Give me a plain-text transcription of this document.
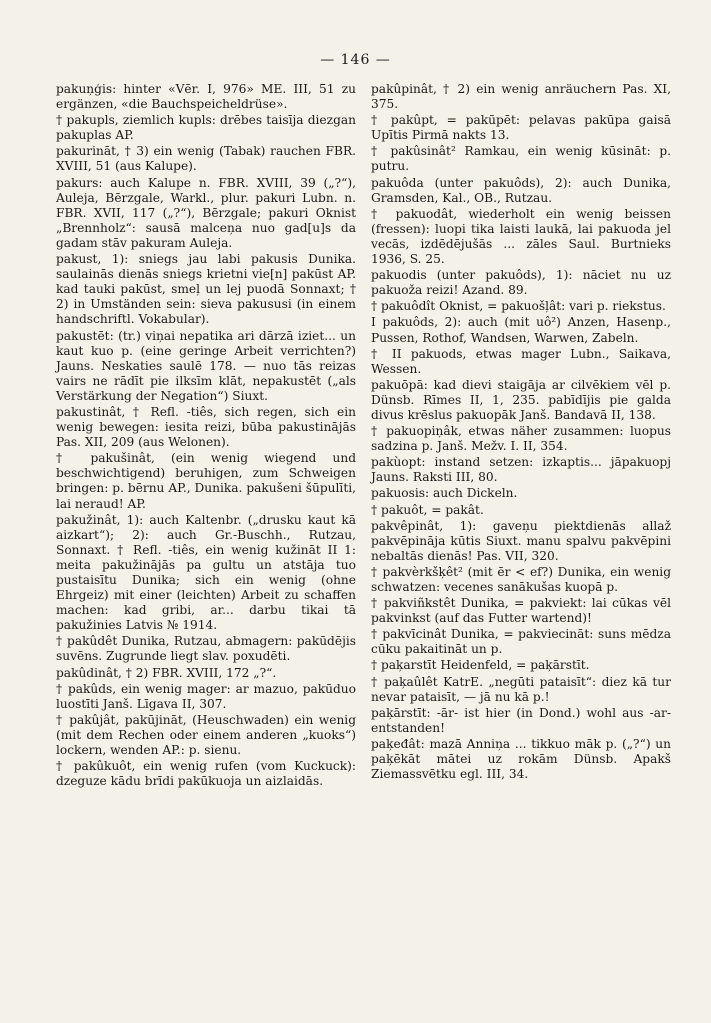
— 146 —

pakuņģis: hinter «Vēr. I, 976» ME. III, 51 zu ergänzen, «die Bauchspeicheldrüse».

† pakupls, ziemlich kupls: drēbes taisīja diezgan pakuplas AP.

pakurināt, † 3) ein wenig (Tabak) rauchen FBR. XVIII, 51 (aus Kalupe).

pakurs: auch Kalupe n. FBR. XVIII, 39 („?“), Auleja, Bērzgale, Warkl., plur. pakuri Lubn. n. FBR. XVII, 117 („?“), Bērzgale; pakuri Oknist „Brennholz“: sausā malceņa nuo gad[u]s da gadam stāv pakuram Auleja.

pakust, 1): sniegs jau labi pakusis Dunika. saulainās dienās sniegs krietni vie[n] pakūst AP. kad tauki pakūst, smeļ un lej puodā Sonnaxt; † 2) in Umständen sein: sieva pakususi (in einem handschriftl. Vokabular).

pakustēt: (tr.) viņai nepatika ari dārzā iziet... un kaut kuo p. (eine geringe Arbeit verrichten?) Jauns. Neskaties saulē 178. — nuo tās reizas vairs ne rādīt pie ilksīm klāt, nepakustēt („als Verstärkung der Negation“) Siuxt.

pakustinât, † Refl. -tiês, sich regen, sich ein wenig bewegen: iesita reizi, būba pakustinājās Pas. XII, 209 (aus Welonen).

† pakušinât, (ein wenig wiegend und beschwichtigend) beruhigen, zum Schweigen bringen: p. bērnu AP., Dunika. pakušeni šūpulīti, lai neraud! AP.

pakužinât, 1): auch Kaltenbr. („drusku kaut kā aizkart“); 2): auch Gr.-Buschh., Rutzau, Sonnaxt. † Refl. -tiês, ein wenig kužināt II 1: meita pakužinājās pa gultu un atstāja tuo pustaisītu Dunika; sich ein wenig (ohne Ehrgeiz) mit einer (leichten) Arbeit zu schaffen machen: kad gribi, ar... darbu tikai tā pakužinies Latvis № 1914.

† pakûdêt Dunika, Rutzau, abmagern: pakūdējis suvēns. Zugrunde liegt slav. poxudēti.

pakûdinât, † 2) FBR. XVIII, 172 „?“.

† pakûds, ein wenig mager: ar mazuo, pakūduo luostīti Janš. Līgava II, 307.

† pakûjât, pakūjināt, (Heuschwaden) ein wenig (mit dem Rechen oder einem anderen „kuoks“) lockern, wenden AP.: p. sienu.

† pakûkuôt, ein wenig rufen (vom Kuckuck): dzeguze kādu brīdi pakūkuoja un aizlaidās.

pakûpinât, † 2) ein wenig anräuchern Pas. XI, 375.

† pakûpt, = pakūpēt: pelavas pakūpa gaisā Upītis Pirmā nakts 13.

† pakûsinât² Ramkau, ein wenig kūsināt: p. putru.

pakuôda (unter pakuôds), 2): auch Dunika, Gramsden, Kal., OB., Rutzau.

† pakuodât, wiederholt ein wenig beissen (fressen): luopi tika laisti laukā, lai pakuoda jel vecās, izdēdējušās ... zāles Saul. Burtnieks 1936, S. 25.

pakuodis (unter pakuôds), 1): nāciet nu uz pakuoža reizi! Azand. 89.

† pakuôdît Oknist, = pakuošļât: vari p. riekstus.

I pakuôds, 2): auch (mit uô²) Anzen, Hasenp., Pussen, Rothof, Wandsen, Warwen, Zabeln.

† II pakuods, etwas mager Lubn., Saikava, Wessen.

pakuōpā: kad dievi staigāja ar cilvēkiem vēl p. Dünsb. Rīmes II, 1, 235. pabīdījis pie galda divus krēslus pakuopāk Janš. Bandavā II, 138.

† pakuopiņâk, etwas näher zusammen: luopus sadzina p. Janš. Mežv. I. II, 354.

pakùopt: instand setzen: izkaptis... jāpakuopj Jauns. Raksti III, 80.

pakuosis: auch Dickeln.

† pakuôt, = pakât.

pakvêpinât, 1): gaveņu piektdienās allaž pakvēpināja kūtis Siuxt. manu spalvu pakvēpini nebaltās dienās! Pas. VII, 320.

† pakvèrkšķêt² (mit ēr < ef?) Dunika, ein wenig schwatzen: vecenes sanākušas kuopā p.

† pakviñkstêt Dunika, = pakviekt: lai cūkas vēl pakvinkst (auf das Futter wartend)!

† pakvīcinât Dunika, = pakviecināt: suns mēdza cūku pakaitināt un p.

† paķarstīt Heidenfeld, = paķārstīt.

† paķaûlêt KatrE. „negūti pataisīt“: diez kā tur nevar pataisīt, — jā nu kā p.!

paķārstīt: -ār- ist hier (in Dond.) wohl aus -ar- entstanden!

paķeđât: mazā Anniņa ... tikkuo māk p. („?“) un paķēkāt mātei uz rokām Dünsb. Apakš Ziemassvētku egl. III, 34.
